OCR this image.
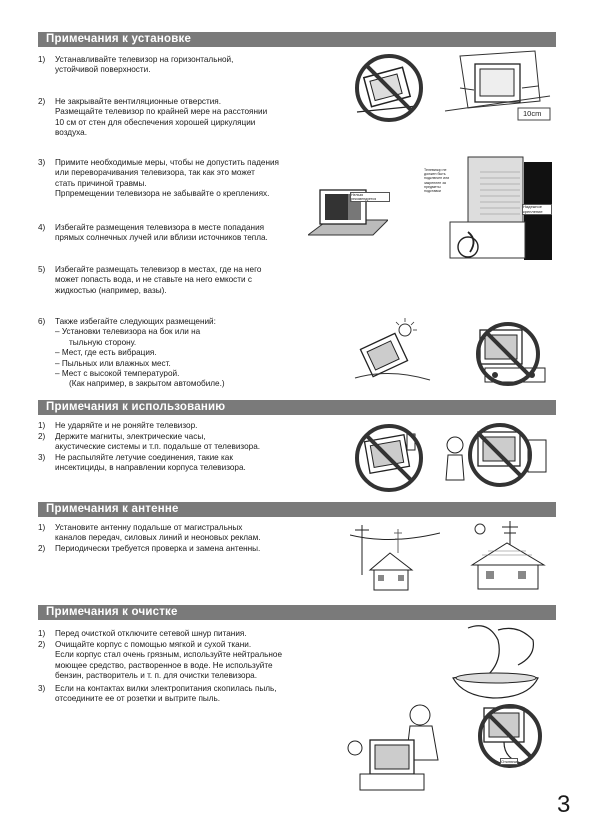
Примечания к установке
1) Устанавливайте телевизор на горизонтальной,
устойчивой поверхности.
2) Не закрывайте вентиляционные отверстия.
Размещайте телевизор по крайней мере на расстоянии
10 см от стен для обеспечения хорошей циркуляции
воздуха.
3) Примите необходимые меры, чтобы не допустить падения
или переворачивания телевизора, так как это может
стать причиной травмы.
Прпремещении телевизора не забывайте о креплениях.
4) Избегайте размещения телевизора в месте попадания
прямых солнечных лучей или вблизи источников тепла.
5) Избегайте размещать телевизор в местах, где на него
может попасть вода, и не ставьте на него емкости с
жидкостью (например, вазы).
6) Также избегайте следующих размещений:
– Установки телевизора на бок или на
тыльную сторону.
– Мест, где есть вибрация.
– Пыльных или влажных мест.
– Мест с высокой температурой.
(Как например, в закрытом автомобиле.)
10cm
Нельзя рекомендуется
Телевизор не должен быть подключен или закреплен за предметы подставки
Надежное крепление
Примечания к использованию
1) Не ударяйте и не роняйте телевизор.
2) Держите магниты, электрические часы,
акустические системы и т.п. подальше от телевизора.
3) Не распыляйте летучие соединения, такие как
инсектициды, в направлении корпуса телевизора.
Примечания к антенне
1) Установите антенну подальше от магистральных
каналов передач, силовых линий и неоновых реклам.
2) Периодически требуется проверка и замена антенны.
Примечания к очистке
1) Перед очисткой отключите сетевой шнур питания.
2) Очищайте корпус с помощью мягкой и сухой ткани.
Если корпус стал очень грязным, используйте нейтральное
моющее средство, растворенное в воде. Не используйте
бензин, растворитель и т. п. для очистки телевизора.
3) Если на контактах вилки электропитания скопилась пыль,
отсоедините ее от розетки и вытрите пыль.
Отключи
3
